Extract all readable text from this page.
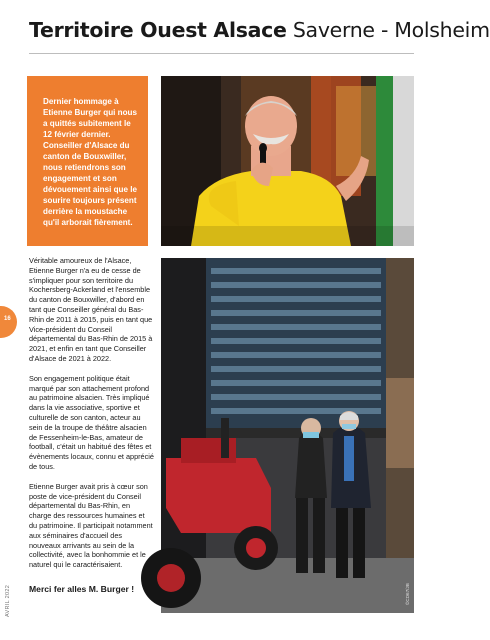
Territoire Ouest Alsace Saverne - Molsheim

Dernier hommage à Etienne Burger qui nous a quittés subitement le 12 février dernier. Conseiller d'Alsace du canton de Bouxwiller, nous retiendrons son engagement et son dévouement ainsi que le sourire toujours présent derrière la moustache qu'il arborait fièrement.

16

Véritable amoureux de l'Alsace, Etienne Burger n'a eu de cesse de s'impliquer pour son territoire du Kochersberg-Ackerland et l'ensemble du canton de Bouxwiller, d'abord en tant que Conseiller général du Bas-Rhin de 2011 à 2015, puis en tant que Vice-président du Conseil départemental du Bas-Rhin de 2015 à 2021, et enfin en tant que Conseiller d'Alsace de 2021 à 2022.

Son engagement politique était marqué par son attachement profond au patrimoine alsacien. Très impliqué dans la vie associative, sportive et culturelle de son canton, acteur au sein de la troupe de théâtre alsacien de Fessenheim-le-Bas, amateur de football, c'était un habitué des fêtes et évènements locaux, connu et apprécié de tous.

Etienne Burger avait pris à cœur son poste de vice-président du Conseil départemental du Bas-Rhin, en charge des ressources humaines et du patrimoine. Il participait notamment aux séminaires d'accueil des nouveaux arrivants au sein de la collectivité, avec la bonhommie et le naturel qui le caractérisaient.

Merci fer alles M. Burger !	©CD67/JB
AVRIL 2022
